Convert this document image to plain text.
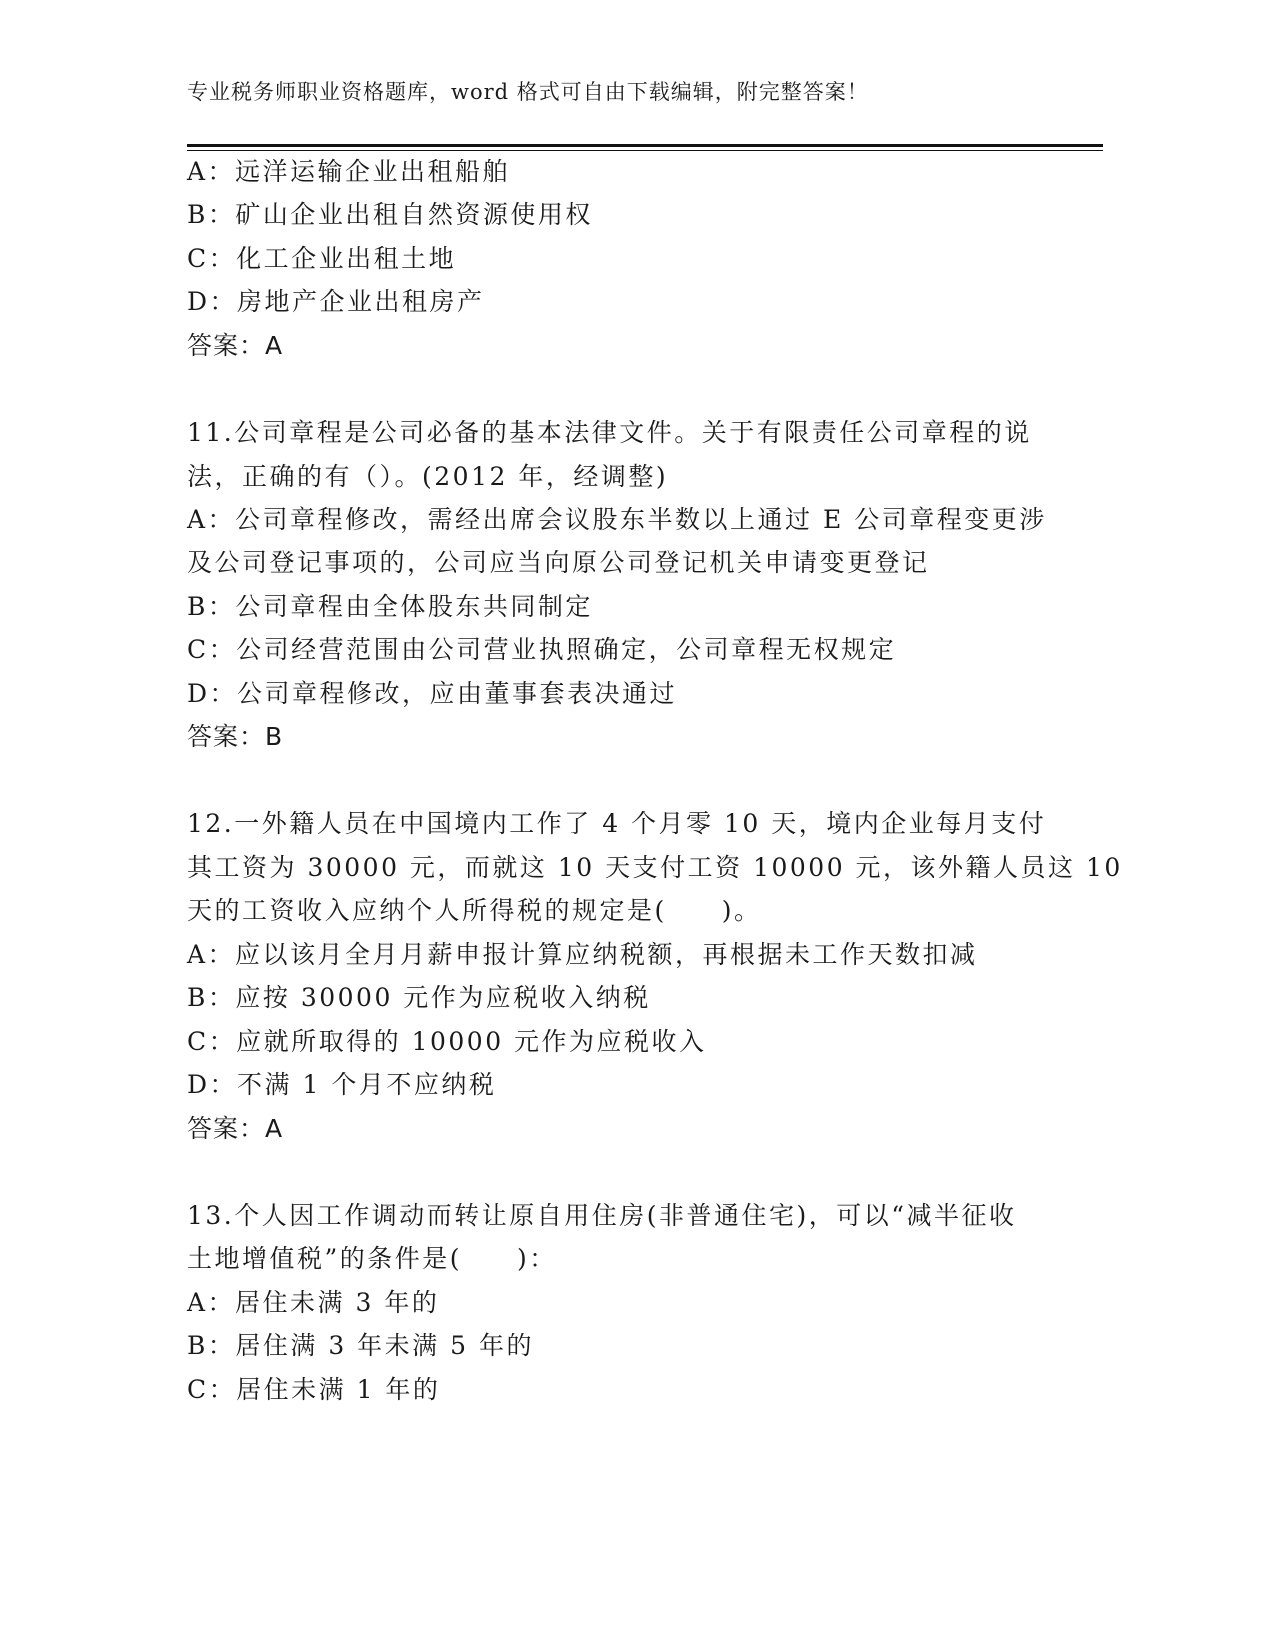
专业税务师职业资格题库，word 格式可自由下载编辑，附完整答案！
A：远洋运输企业出租船舶
B：矿山企业出租自然资源使用权
C：化工企业出租土地
D：房地产企业出租房产
答案：A
11.公司章程是公司必备的基本法律文件。关于有限责任公司章程的说
法，正确的有（）。(2012 年，经调整)
A：公司章程修改，需经出席会议股东半数以上通过 E 公司章程变更涉
及公司登记事项的，公司应当向原公司登记机关申请变更登记
B：公司章程由全体股东共同制定
C：公司经营范围由公司营业执照确定，公司章程无权规定
D：公司章程修改，应由董事套表决通过
答案：B
12.一外籍人员在中国境内工作了 4 个月零 10 天，境内企业每月支付
其工资为 30000 元，而就这 10 天支付工资 10000 元，该外籍人员这 10
天的工资收入应纳个人所得税的规定是(　　)。
A：应以该月全月月薪申报计算应纳税额，再根据未工作天数扣减
B：应按 30000 元作为应税收入纳税
C：应就所取得的 10000 元作为应税收入
D：不满 1 个月不应纳税
答案：A
13.个人因工作调动而转让原自用住房(非普通住宅)，可以“减半征收
土地增值税”的条件是(　　)：
A：居住未满 3 年的
B：居住满 3 年未满 5 年的
C：居住未满 1 年的
